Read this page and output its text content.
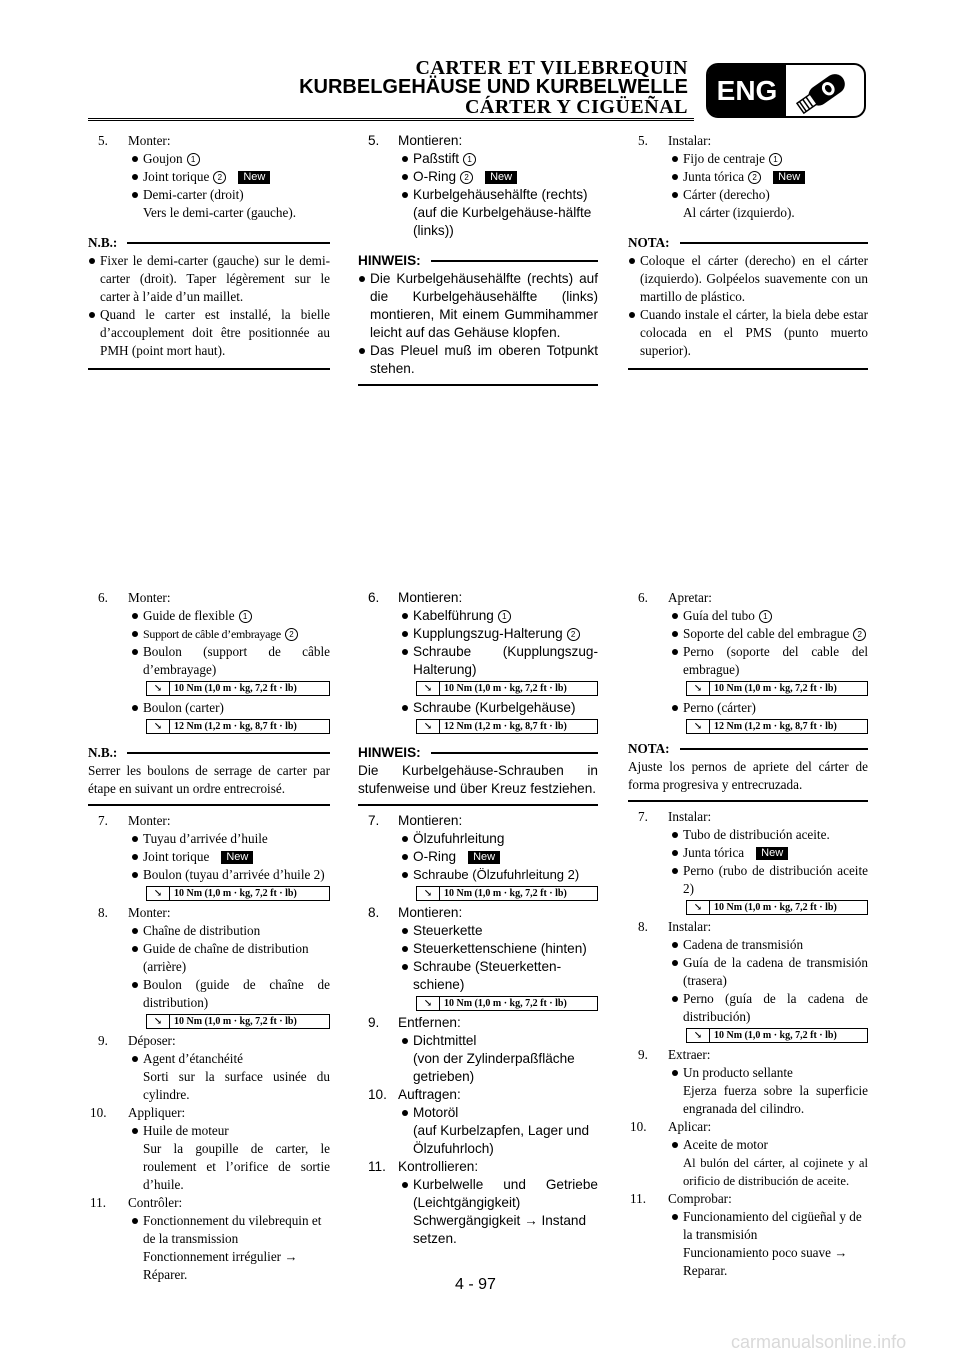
CARTER ET VILEBREQUIN
KURBELGEHÄUSE UND KURBELWELLE
CÁRTER Y CIGÜEÑAL
ENG
5. Monter:
Goujon 1
Joint torique 2 New
Demi-carter (droit)
Vers le demi-carter (gauche).
N.B.:
Fixer le demi-carter (gauche) sur le demi-carter (droit). Taper légèrement sur le carter à l’aide d’un maillet.
Quand le carter est installé, la bielle d’accouplement doit être positionnée au PMH (point mort haut).
5. Montieren:
Paßstift 1
O-Ring 2 New
Kurbelgehäusehälfte (rechts)
(auf die Kurbelgehäuse-hälfte (links))
HINWEIS:
Die Kurbelgehäusehälfte (rechts) auf die Kurbelgehäusehälfte (links) montieren, Mit einem Gummihammer leicht auf das Gehäuse klopfen.
Das Pleuel muß im oberen Totpunkt stehen.
5. Instalar:
Fijo de centraje 1
Junta tórica 2 New
Cárter (derecho)
Al cárter (izquierdo).
NOTA:
Coloque el cárter (derecho) en el cárter (izquierdo). Golpéelos suavemente con un martillo de plástico.
Cuando instale el cárter, la biela debe estar colocada en el PMS (punto muerto superior).
6. Monter:
Guide de flexible 1
Support de câble d’embrayage 2
Boulon (support de câble d’embrayage)
↘	10 Nm (1,0 m · kg, 7,2 ft · lb)
Boulon (carter)
↘	12 Nm (1,2 m · kg, 8,7 ft · lb)
N.B.:
Serrer les boulons de serrage de carter par étape en suivant un ordre entrecroisé.
7. Monter:
Tuyau d’arrivée d’huile
Joint torique New
Boulon (tuyau d’arrivée d’huile 2)
↘	10 Nm (1,0 m · kg, 7,2 ft · lb)
8. Monter:
Chaîne de distribution
Guide de chaîne de distribution (arrière)
Boulon (guide de chaîne de distribution)
↘	10 Nm (1,0 m · kg, 7,2 ft · lb)
9. Déposer:
Agent d’étanchéité
Sorti sur la surface usinée du cylindre.
10. Appliquer:
Huile de moteur
Sur la goupille de carter, le roulement et l’orifice de sortie d’huile.
11. Contrôler:
Fonctionnement du vilebrequin et de la transmission
Fonctionnement irrégulier → Réparer.
6. Montieren:
Kabelführung 1
Kupplungszug-Halterung 2
Schraube (Kupplungszug-Halterung)
↘	10 Nm (1,0 m · kg, 7,2 ft · lb)
Schraube (Kurbelgehäuse)
↘	12 Nm (1,2 m · kg, 8,7 ft · lb)
HINWEIS:
Die Kurbelgehäuse-Schrauben in stufenweise und über Kreuz festziehen.
7. Montieren:
Ölzufuhrleitung
O-Ring New
Schraube (Ölzufuhrleitung 2)
↘	10 Nm (1,0 m · kg, 7,2 ft · lb)
8. Montieren:
Steuerkette
Steuerkettenschiene (hinten)
Schraube (Steuerketten-schiene)
↘	10 Nm (1,0 m · kg, 7,2 ft · lb)
9. Entfernen:
Dichtmittel
(von der Zylinderpaßfläche getrieben)
10. Auftragen:
Motoröl
(auf Kurbelzapfen, Lager und Ölzufuhrloch)
11. Kontrollieren:
Kurbelwelle und Getriebe (Leichtgängigkeit)
Schwergängigkeit → Instand setzen.
6. Apretar:
Guía del tubo 1
Soporte del cable del embrague 2
Perno (soporte del cable del embrague)
↘	10 Nm (1,0 m · kg, 7,2 ft · lb)
Perno (cárter)
↘	12 Nm (1,2 m · kg, 8,7 ft · lb)
NOTA:
Ajuste los pernos de apriete del cárter de forma progresiva y entrecruzada.
7. Instalar:
Tubo de distribución aceite.
Junta tórica New
Perno (rubo de distribución aceite 2)
↘	10 Nm (1,0 m · kg, 7,2 ft · lb)
8. Instalar:
Cadena de transmisión
Guía de la cadena de transmisión (trasera)
Perno (guía de la cadena de distribución)
↘	10 Nm (1,0 m · kg, 7,2 ft · lb)
9. Extraer:
Un producto sellante
Ejerza fuerza sobre la superficie engranada del cilindro.
10. Aplicar:
Aceite de motor
Al bulón del cárter, al cojinete y al orificio de distribución de aceite.
11. Comprobar:
Funcionamiento del cigüeñal y de la transmisión
Funcionamiento poco suave → Reparar.
4 - 97
carmanualsonline.info
